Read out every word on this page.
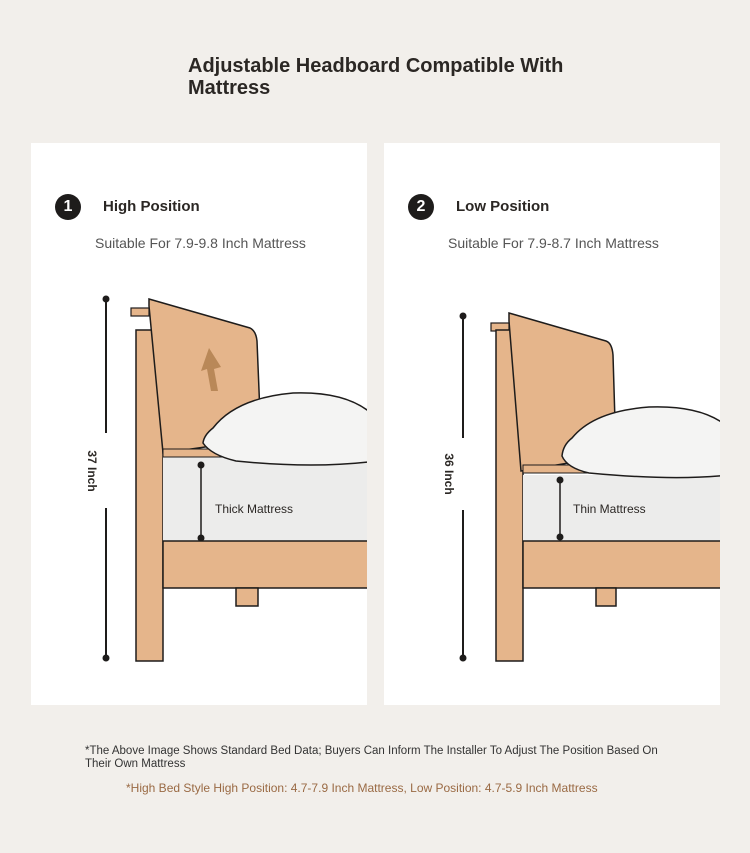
Adjustable Headboard Compatible With Mattress
1	High Position
Suitable For 7.9-9.8 Inch Mattress
37 Inch
Thick Mattress
2	Low Position
Suitable For 7.9-8.7 Inch Mattress
36 Inch
Thin Mattress
*The Above Image Shows Standard Bed Data; Buyers Can Inform The Installer To Adjust The Position Based On Their Own Mattress
*High Bed Style High Position: 4.7-7.9 Inch Mattress, Low Position: 4.7-5.9 Inch Mattress
